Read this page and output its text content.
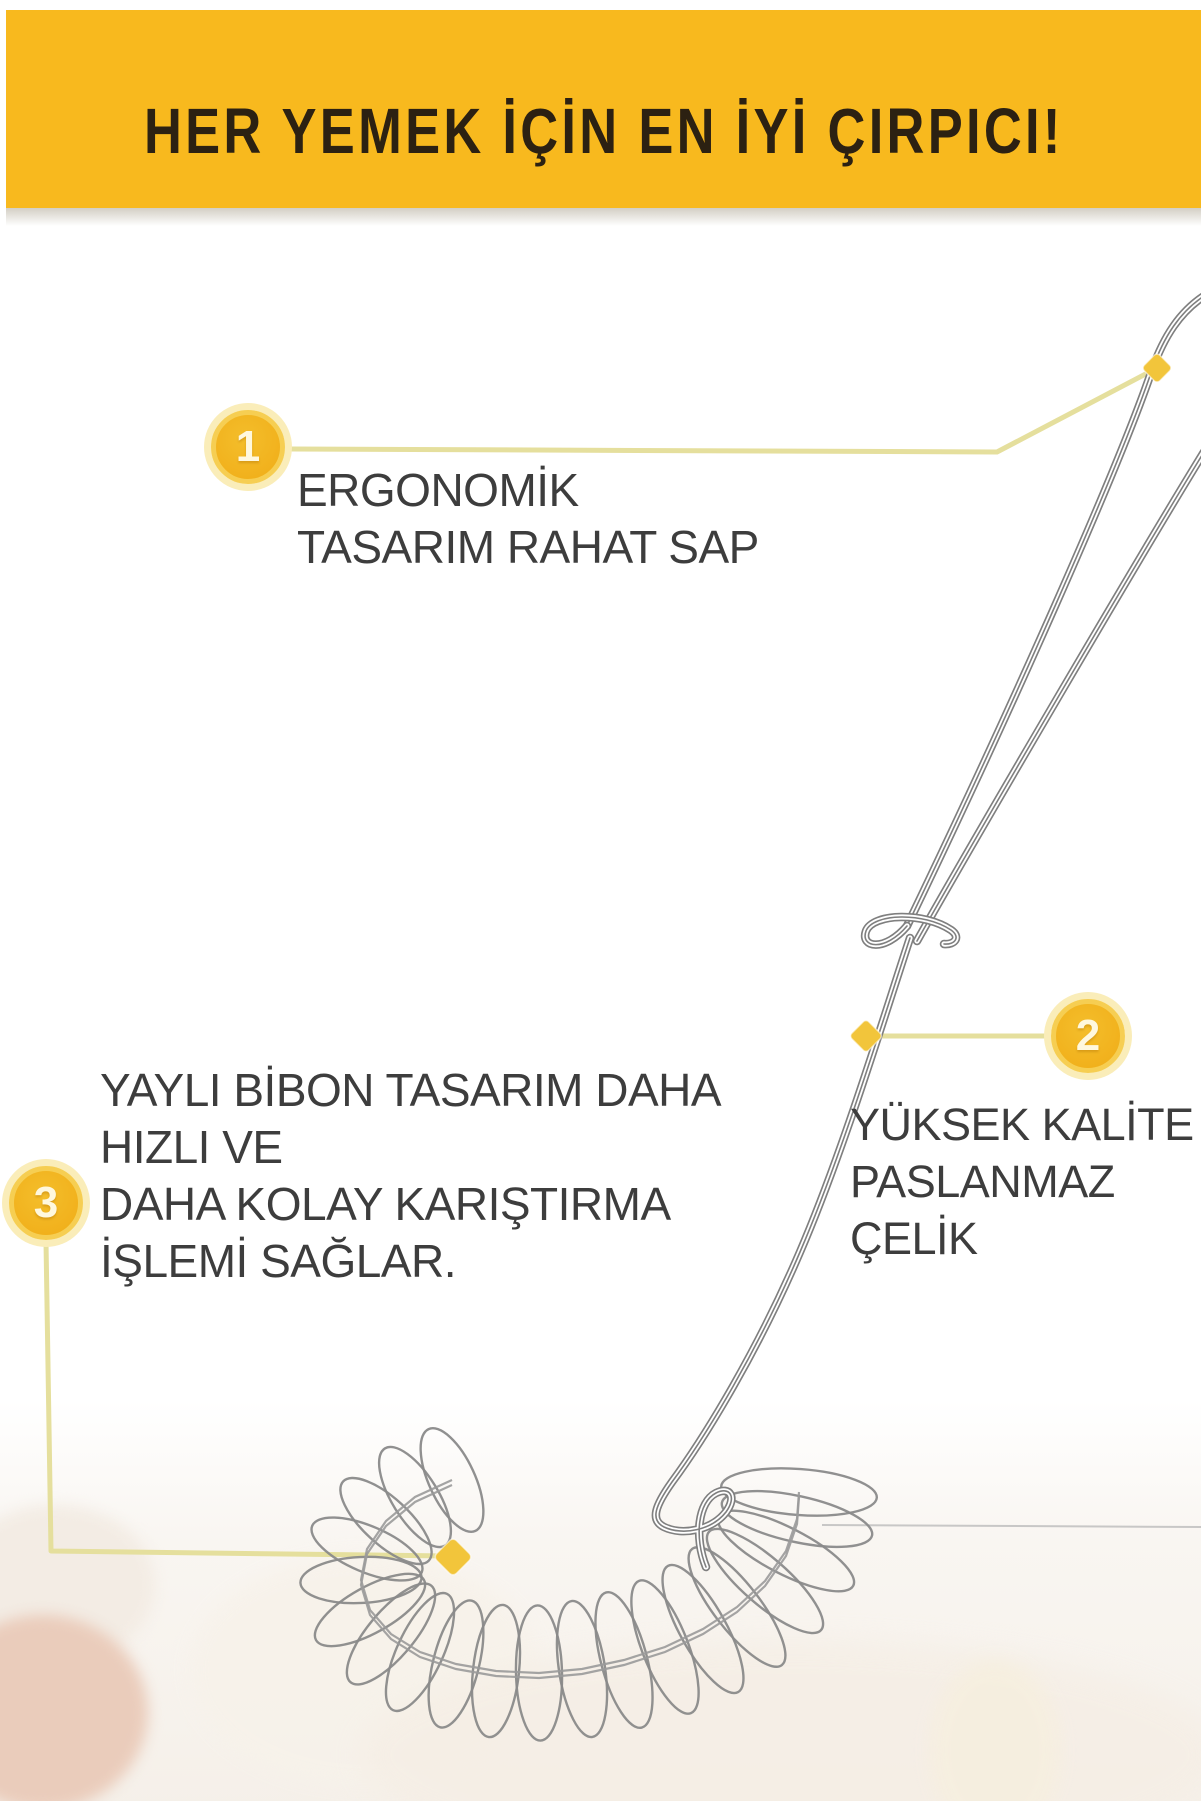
HER YEMEK İÇİN EN İYİ ÇIRPICI!
1
2
3
ERGONOMİK
TASARIM RAHAT SAP
YÜKSEK KALİTE
PASLANMAZ
ÇELİK
YAYLI BİBON TASARIM DAHA
HIZLI VE
DAHA KOLAY KARIŞTIRMA
İŞLEMİ SAĞLAR.
